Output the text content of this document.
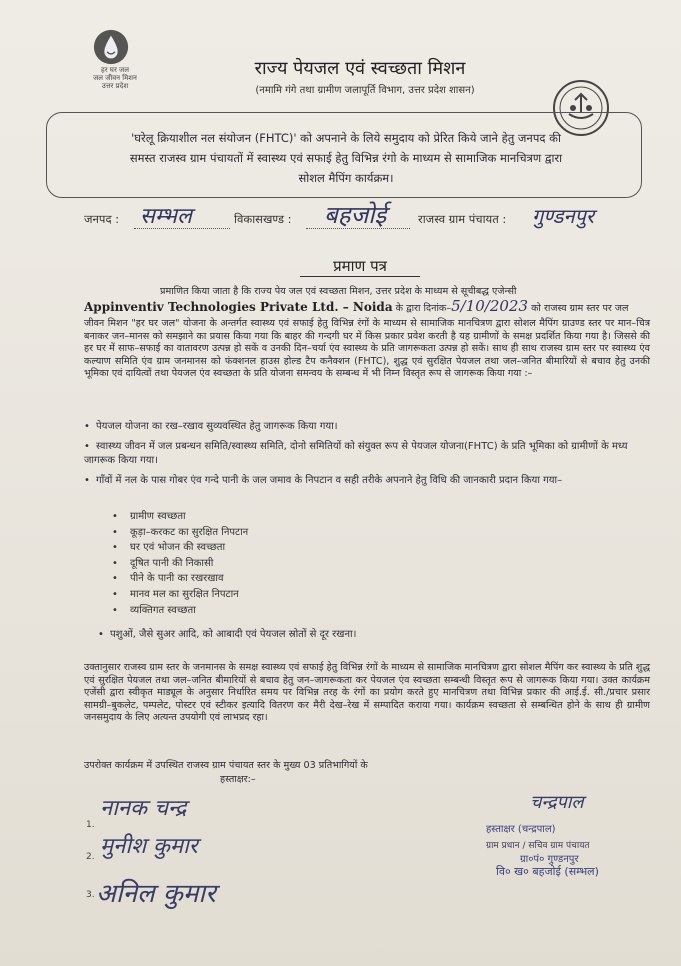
हर घर जल
जल जीवन मिशन
उत्तर प्रदेश
राज्य पेयजल एवं स्वच्छता मिशन
(नमामि गंगे तथा ग्रामीण जलापूर्ति विभाग, उत्तर प्रदेश शासन)
'घरेलू क्रियाशील नल संयोजन (FHTC)' को अपनाने के लिये समुदाय को प्रेरित किये जाने हेतु जनपद की
समस्त राजस्व ग्राम पंचायतों में स्वास्थ्य एवं सफाई हेतु विभिन्न रंगो के माध्यम से सामाजिक मानचित्रण द्वारा
सोशल मैपिंग कार्यक्रम।
जनपद : सम्भल	विकासखण्ड : बहजोई	राजस्व ग्राम पंचायत : गुण्डनपुर
प्रमाण पत्र
प्रमाणित किया जाता है कि राज्य पेय जल एवं स्वच्छता मिशन, उत्तर प्रदेश के माध्यम से सूचीबद्ध एजेन्सी
Appinventiv Technologies Private Ltd. – Noida के द्वारा दिनांक–5/10/2023 को राजस्व ग्राम स्तर पर जल
जीवन मिशन "हर घर जल" योजना के अन्तर्गत स्वास्थ्य एवं सफाई हेतु विभिन्न रंगों के माध्यम से सामाजिक मानचित्रण द्वारा सोशल मैपिंग ग्राउण्ड स्तर पर मान–चित्र बनाकर जन–मानस को समझाने का प्रयास किया गया कि बाहर की गन्दगी घर में किस प्रकार प्रवेश करती है यह ग्रामीणों के समक्ष प्रदर्शित किया गया है। जिससे की हर घर में साफ–सफाई का वातावरण उत्पन्न हो सकें व उनकी दिन–चर्या एंव स्वास्थ्य के प्रति जागरूकता उत्पन्न हो सकें। साथ ही साथ राजस्व ग्राम स्तर पर स्वास्थ्य एंव कल्याण समिति एंव ग्राम जनमानस को फंक्शनल हाउस होल्ड टैप कनैक्शन (FHTC), शुद्ध एवं सुरक्षित पेयजल तथा जल–जनित बीमारियों से बचाव हेतु उनकी भूमिका एवं दायित्वों तथा पेयजल एंव स्वच्छता के प्रति योजना समन्वय के सम्बन्ध में भी निम्न विस्तृत रूप से जागरूक किया गया :–
• पेयजल योजना का रख–रखाव सुव्यवस्थित हेतु जागरूक किया गया।
• स्वास्थ्य जीवन में जल प्रबन्धन समिति/स्वास्थ्य समिति, दोनो समितियों को संयुक्त रूप से पेयजल योजना(FHTC) के प्रति भूमिका को ग्रामीणों के मध्य जागरूक किया गया।
• गाँवों में नल के पास गोबर एंव गन्दे पानी के जल जमाव के निपटान व सही तरीके अपनाने हेतु विधि की जानकारी प्रदान किया गया–
• ग्रामीण स्वच्छता
• कूड़ा–करकट का सुरक्षित निपटान
• घर एवं भोजन की स्वच्छता
• दूषित पानी की निकासी
• पीने के पानी का रखरखाव
• मानव मल का सुरक्षित निपटान
• व्यक्तिगत स्वच्छता
• पशुओं, जैसे सुअर आदि, को आबादी एवं पेयजल स्रोतों से दूर रखना।
उक्तानुसार राजस्व ग्राम स्तर के जनमानस के समक्ष स्वास्थ्य एवं सफाई हेतु विभिन्न रंगों के माध्यम से सामाजिक मानचित्रण द्वारा सोशल मैपिंग कर स्वास्थ्य के प्रति शुद्ध एवं सुरक्षित पेयजल तथा जल–जनित बीमारियों से बचाव हेतु जन–जागरूकता कर पेयजल एंव स्वच्छता सम्बन्धी विस्तृत रूप से जागरूक किया गया। उक्त कार्यक्रम एजेंसी द्वारा स्वीकृत माड्यूल के अनुसार निर्धारित समय पर विभिन्न तरह के रंगों का प्रयोग करते हुए मानचित्रण तथा विभिन्न प्रकार की आई.ई. सी./प्रचार प्रसार सामग्री–बुकलेट, पम्पलेट, पोस्टर एवं स्टीकर इत्यादि वितरण कर मैरी देख–रेख में सम्पादित कराया गया। कार्यक्रम स्वच्छता से सम्बन्धित होने के साथ ही ग्रामीण जनसमुदाय के लिए अत्यन्त उपयोगी एवं लाभप्रद रहा।
उपरोक्त कार्यक्रम में उपस्थित राजस्व ग्राम पंचायत स्तर के मुख्य 03 प्रतिभागियों के
हस्ताक्षर:–
1.
नानक चन्द्र
2. मुनीश कुमार
3. अनिल कुमार
चन्द्रपाल
हस्ताक्षर (चन्द्रपाल)
ग्राम प्रधान / सचिव ग्राम पंचायत
ग्रा०पं० गुण्डनपुर
वि० ख० बहजोई (सम्भल)
